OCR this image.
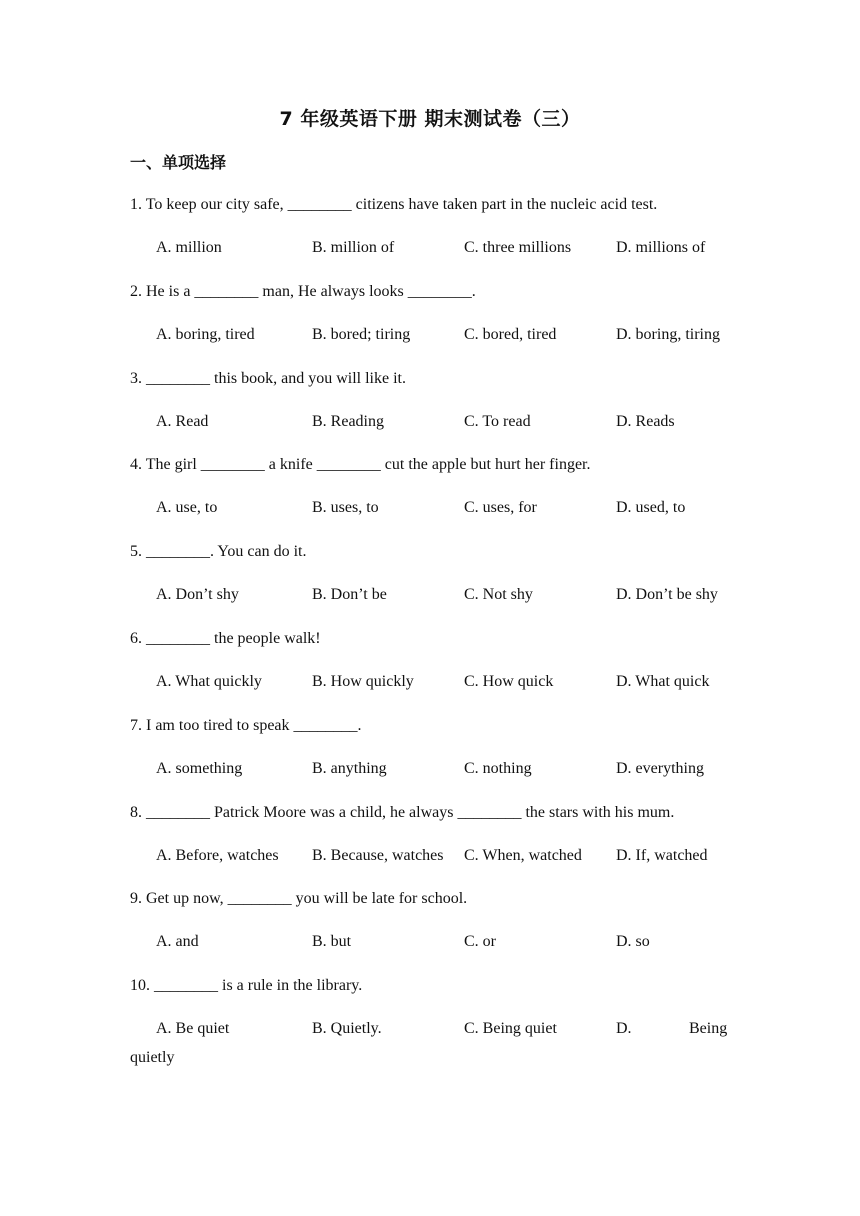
7 年级英语下册 期末测试卷（三）
一、单项选择
1. To keep our city safe, ________ citizens have taken part in the nucleic acid test.
A. million	B. million of	C. three millions	D. millions of
2. He is a ________ man, He always looks ________.
A. boring, tired	B. bored; tiring	C. bored, tired	D. boring, tiring
3. ________ this book, and you will like it.
A. Read	B. Reading	C. To read	D. Reads
4. The girl ________ a knife ________ cut the apple but hurt her finger.
A. use, to	B. uses, to	C. uses, for	D. used, to
5. ________. You can do it.
A. Don’t shy	B. Don’t be	C. Not shy	D. Don’t be shy
6. ________ the people walk!
A. What quickly	B. How quickly	C. How quick	D. What quick
7. I am too tired to speak ________.
A. something	B. anything	C. nothing	D. everything
8. ________ Patrick Moore was a child, he always ________ the stars with his mum.
A. Before, watches B. Because, watches C. When, watched D. If, watched
9. Get up now, ________ you will be late for school.
A. and	B. but	C. or	D. so
10. ________ is a rule in the library.
A. Be quiet	B. Quietly.	C. Being quiet	D.	Being
quietly
